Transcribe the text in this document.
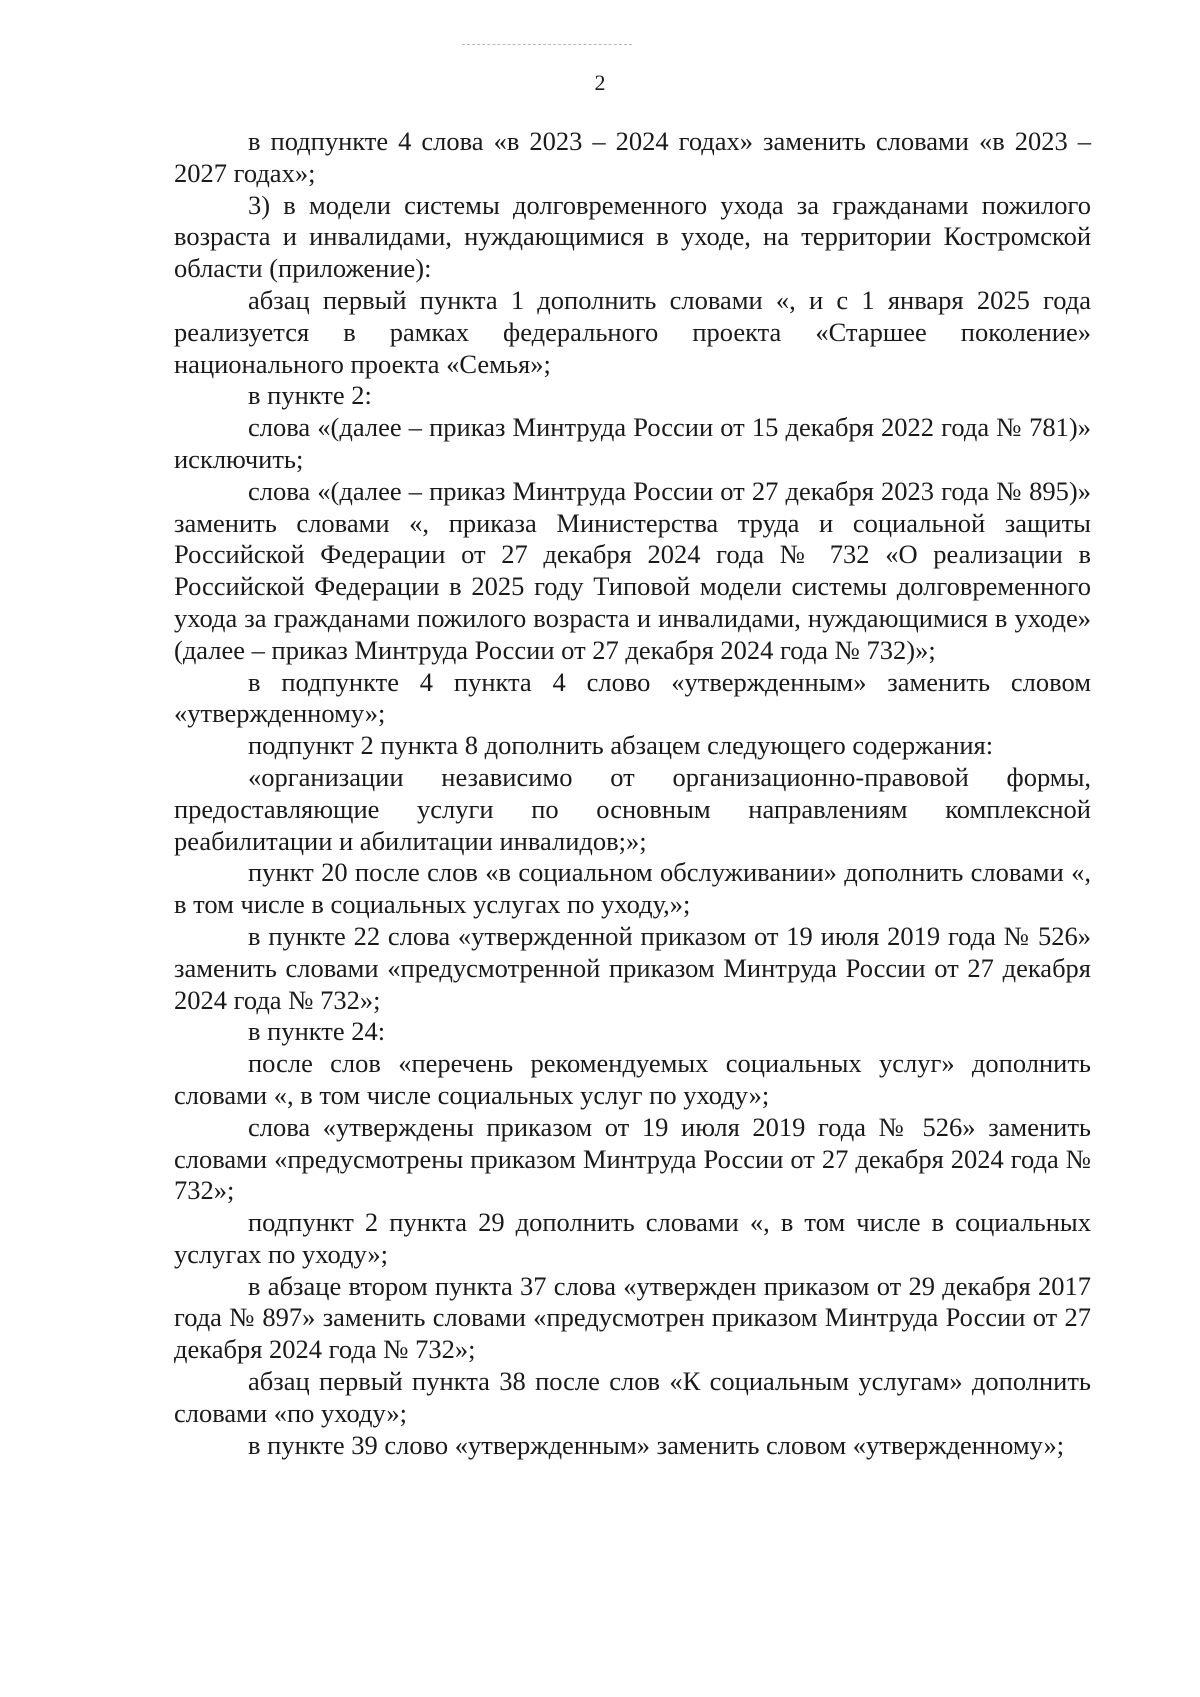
2

в подпункте 4 слова «в 2023 – 2024 годах» заменить словами «в 2023 – 2027 годах»;

3) в модели системы долговременного ухода за гражданами пожилого возраста и инвалидами, нуждающимися в уходе, на территории Костромской области (приложение):

абзац первый пункта 1 дополнить словами «, и с 1 января 2025 года реализуется в рамках федерального проекта «Старшее поколение» национального проекта «Семья»;

в пункте 2:

слова «(далее – приказ Минтруда России от 15 декабря 2022 года № 781)» исключить;

слова «(далее – приказ Минтруда России от 27 декабря 2023 года № 895)» заменить словами «, приказа Министерства труда и социальной защиты Российской Федерации от 27 декабря 2024 года № 732 «О реализации в Российской Федерации в 2025 году Типовой модели системы долговременного ухода за гражданами пожилого возраста и инвалидами, нуждающимися в уходе» (далее – приказ Минтруда России от 27 декабря 2024 года № 732)»;

в подпункте 4 пункта 4 слово «утвержденным» заменить словом «утвержденному»;

подпункт 2 пункта 8 дополнить абзацем следующего содержания:

«организации независимо от организационно-правовой формы, предоставляющие услуги по основным направлениям комплексной реабилитации и абилитации инвалидов;»;

пункт 20 после слов «в социальном обслуживании» дополнить словами «, в том числе в социальных услугах по уходу,»;

в пункте 22 слова «утвержденной приказом от 19 июля 2019 года № 526» заменить словами «предусмотренной приказом Минтруда России от 27 декабря 2024 года № 732»;

в пункте 24:

после слов «перечень рекомендуемых социальных услуг» дополнить словами «, в том числе социальных услуг по уходу»;

слова «утверждены приказом от 19 июля 2019 года № 526» заменить словами «предусмотрены приказом Минтруда России от 27 декабря 2024 года № 732»;

подпункт 2 пункта 29 дополнить словами «, в том числе в социальных услугах по уходу»;

в абзаце втором пункта 37 слова «утвержден приказом от 29 декабря 2017 года № 897» заменить словами «предусмотрен приказом Минтруда России от 27 декабря 2024 года № 732»;

абзац первый пункта 38 после слов «К социальным услугам» дополнить словами «по уходу»;

в пункте 39 слово «утвержденным» заменить словом «утвержденному»;
